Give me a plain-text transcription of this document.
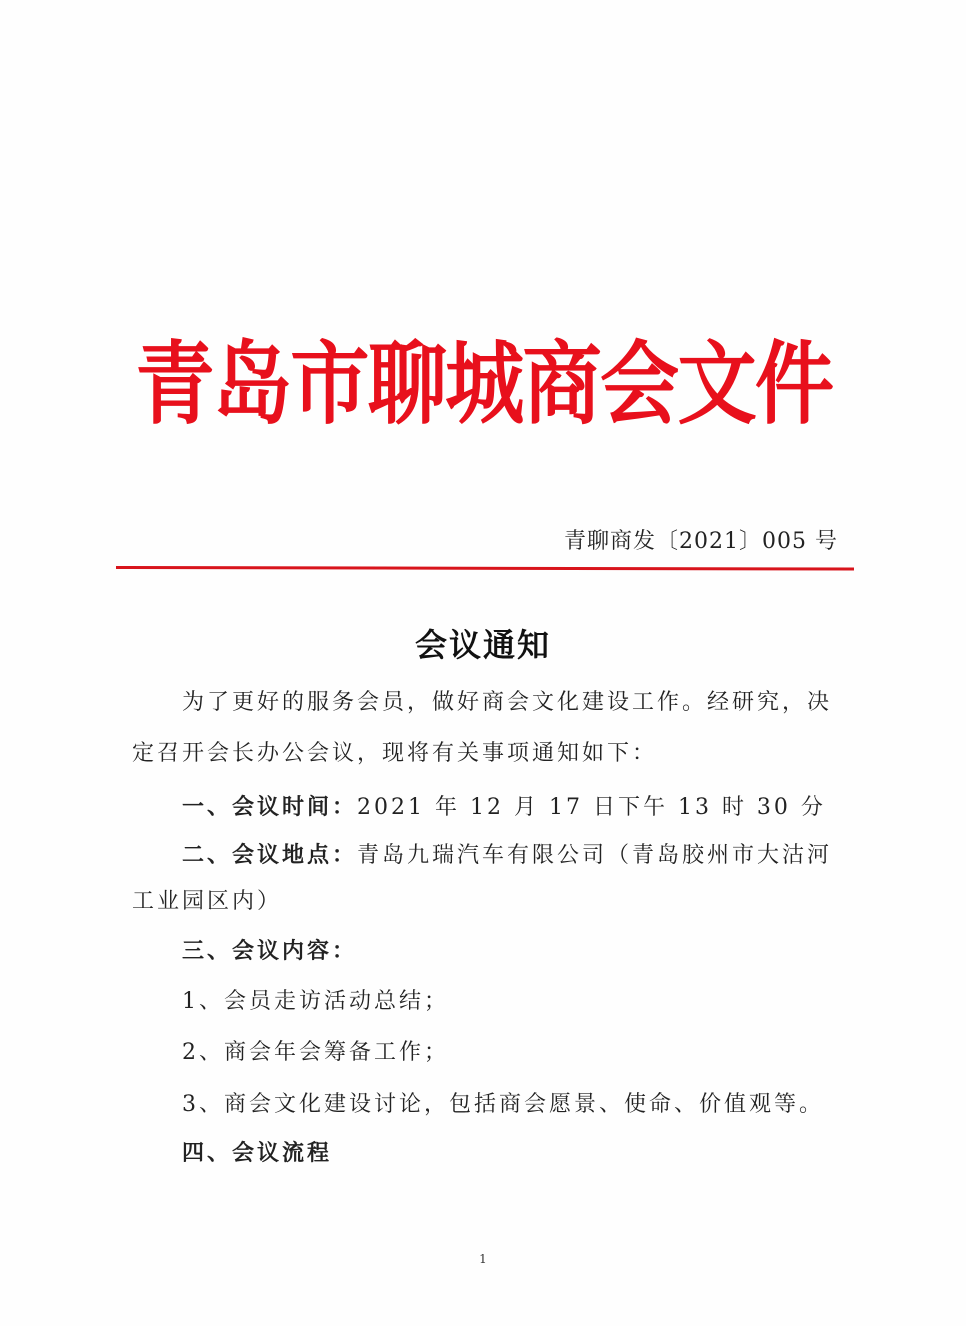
青岛市聊城商会文件
青聊商发〔2021〕005 号
会议通知
为了更好的服务会员，做好商会文化建设工作。经研究，决
定召开会长办公会议，现将有关事项通知如下：
一、会议时间：2021 年 12 月 17 日下午 13 时 30 分
二、会议地点：青岛九瑞汽车有限公司（青岛胶州市大沽河
工业园区内）
三、会议内容：
1、会员走访活动总结；
2、商会年会筹备工作；
3、商会文化建设讨论，包括商会愿景、使命、价值观等。
四、会议流程
1
